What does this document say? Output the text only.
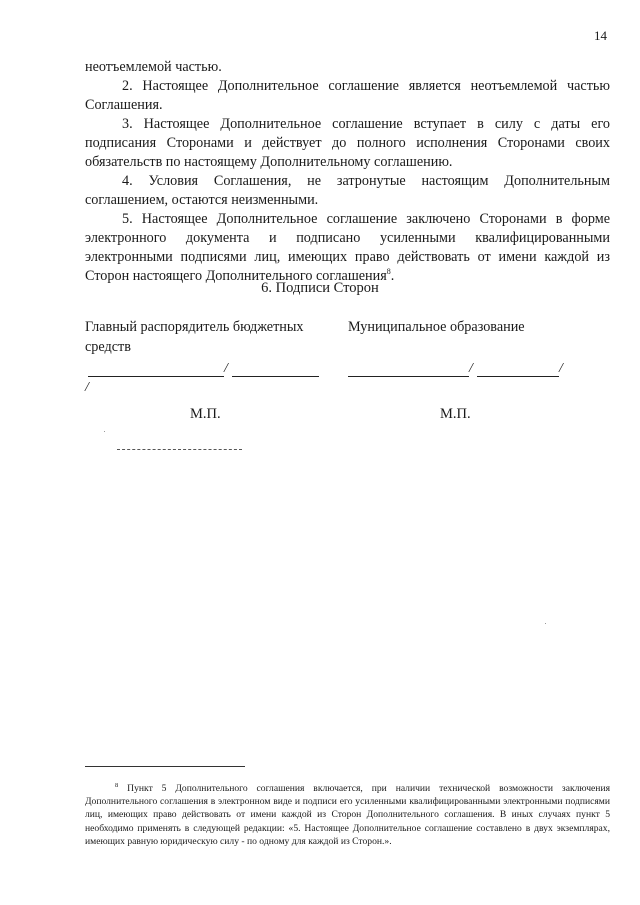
14

неотъемлемой частью.

2. Настоящее Дополнительное соглашение является неотъемлемой частью Соглашения.

3. Настоящее Дополнительное соглашение вступает в силу с даты его подписания Сторонами и действует до полного исполнения Сторонами своих обязательств по настоящему Дополнительному соглашению.

4. Условия Соглашения, не затронутые настоящим Дополнительным соглашением, остаются неизменными.

5. Настоящее Дополнительное соглашение заключено Сторонами в форме электронного документа и подписано усиленными квалифицированными электронными подписями лиц, имеющих право действовать от имени каждой из Сторон настоящего Дополнительного соглашения$^8$.

6. Подписи Сторон
Главный распорядитель бюджетных средств
Муниципальное образование
/
/
/	/
М.П.	М.П.

$^8$ Пункт 5 Дополнительного соглашения включается, при наличии технической возможности заключения Дополнительного соглашения в электронном виде и подписи его усиленными квалифицированными электронными подписями лиц, имеющих право действовать от имени каждой из Сторон Дополнительного соглашения. В иных случаях пункт 5 необходимо применять в следующей редакции: «5. Настоящее Дополнительное соглашение составлено в двух экземплярах, имеющих равную юридическую силу - по одному для каждой из Сторон.».
